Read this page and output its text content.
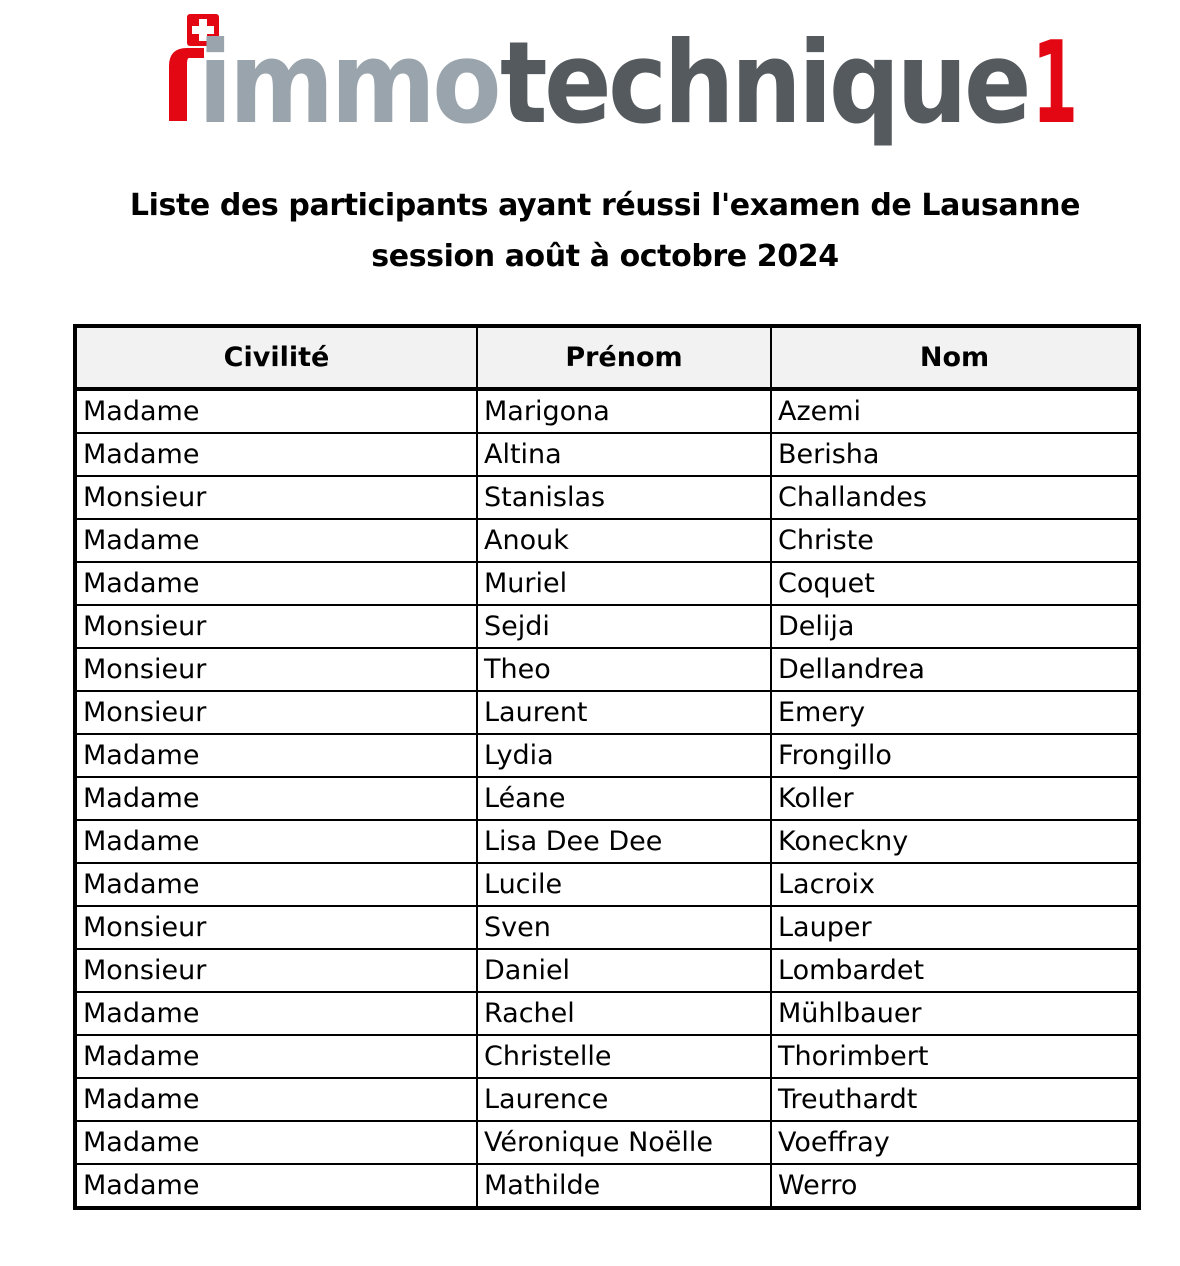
immo technique 1
Liste des participants ayant réussi l'examen de Lausanne
session août à octobre 2024
Civilité	Prénom	Nom
Madame	Marigona	Azemi
Madame	Altina	Berisha
Monsieur	Stanislas	Challandes
Madame	Anouk	Christe
Madame	Muriel	Coquet
Monsieur	Sejdi	Delija
Monsieur	Theo	Dellandrea
Monsieur	Laurent	Emery
Madame	Lydia	Frongillo
Madame	Léane	Koller
Madame	Lisa Dee Dee	Koneckny
Madame	Lucile	Lacroix
Monsieur	Sven	Lauper
Monsieur	Daniel	Lombardet
Madame	Rachel	Mühlbauer
Madame	Christelle	Thorimbert
Madame	Laurence	Treuthardt
Madame	Véronique Noëlle	Voeffray
Madame	Mathilde	Werro
